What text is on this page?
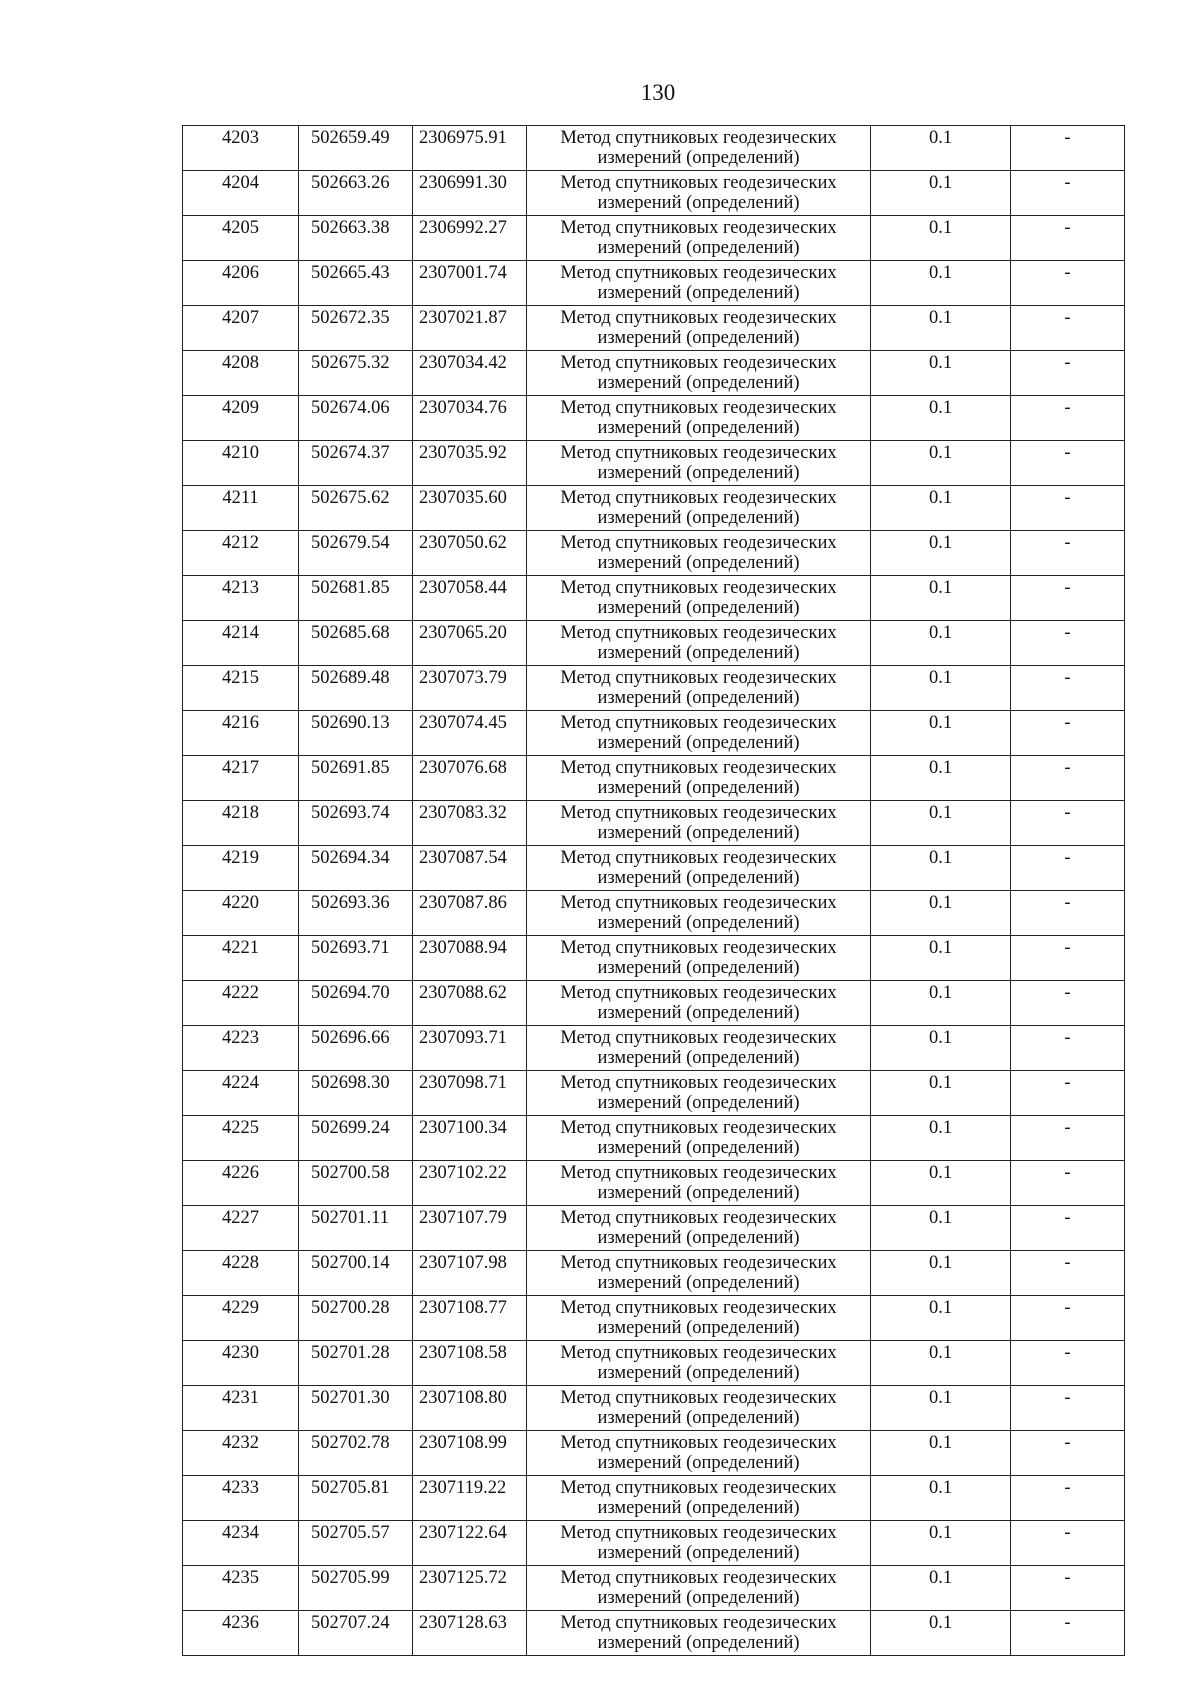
130
4203	502659.49	2306975.91	Метод спутниковых геодезических
измерений (определений)	0.1	-
4204	502663.26	2306991.30	Метод спутниковых геодезических
измерений (определений)	0.1	-
4205	502663.38	2306992.27	Метод спутниковых геодезических
измерений (определений)	0.1	-
4206	502665.43	2307001.74	Метод спутниковых геодезических
измерений (определений)	0.1	-
4207	502672.35	2307021.87	Метод спутниковых геодезических
измерений (определений)	0.1	-
4208	502675.32	2307034.42	Метод спутниковых геодезических
измерений (определений)	0.1	-
4209	502674.06	2307034.76	Метод спутниковых геодезических
измерений (определений)	0.1	-
4210	502674.37	2307035.92	Метод спутниковых геодезических
измерений (определений)	0.1	-
4211	502675.62	2307035.60	Метод спутниковых геодезических
измерений (определений)	0.1	-
4212	502679.54	2307050.62	Метод спутниковых геодезических
измерений (определений)	0.1	-
4213	502681.85	2307058.44	Метод спутниковых геодезических
измерений (определений)	0.1	-
4214	502685.68	2307065.20	Метод спутниковых геодезических
измерений (определений)	0.1	-
4215	502689.48	2307073.79	Метод спутниковых геодезических
измерений (определений)	0.1	-
4216	502690.13	2307074.45	Метод спутниковых геодезических
измерений (определений)	0.1	-
4217	502691.85	2307076.68	Метод спутниковых геодезических
измерений (определений)	0.1	-
4218	502693.74	2307083.32	Метод спутниковых геодезических
измерений (определений)	0.1	-
4219	502694.34	2307087.54	Метод спутниковых геодезических
измерений (определений)	0.1	-
4220	502693.36	2307087.86	Метод спутниковых геодезических
измерений (определений)	0.1	-
4221	502693.71	2307088.94	Метод спутниковых геодезических
измерений (определений)	0.1	-
4222	502694.70	2307088.62	Метод спутниковых геодезических
измерений (определений)	0.1	-
4223	502696.66	2307093.71	Метод спутниковых геодезических
измерений (определений)	0.1	-
4224	502698.30	2307098.71	Метод спутниковых геодезических
измерений (определений)	0.1	-
4225	502699.24	2307100.34	Метод спутниковых геодезических
измерений (определений)	0.1	-
4226	502700.58	2307102.22	Метод спутниковых геодезических
измерений (определений)	0.1	-
4227	502701.11	2307107.79	Метод спутниковых геодезических
измерений (определений)	0.1	-
4228	502700.14	2307107.98	Метод спутниковых геодезических
измерений (определений)	0.1	-
4229	502700.28	2307108.77	Метод спутниковых геодезических
измерений (определений)	0.1	-
4230	502701.28	2307108.58	Метод спутниковых геодезических
измерений (определений)	0.1	-
4231	502701.30	2307108.80	Метод спутниковых геодезических
измерений (определений)	0.1	-
4232	502702.78	2307108.99	Метод спутниковых геодезических
измерений (определений)	0.1	-
4233	502705.81	2307119.22	Метод спутниковых геодезических
измерений (определений)	0.1	-
4234	502705.57	2307122.64	Метод спутниковых геодезических
измерений (определений)	0.1	-
4235	502705.99	2307125.72	Метод спутниковых геодезических
измерений (определений)	0.1	-
4236	502707.24	2307128.63	Метод спутниковых геодезических
измерений (определений)	0.1	-
